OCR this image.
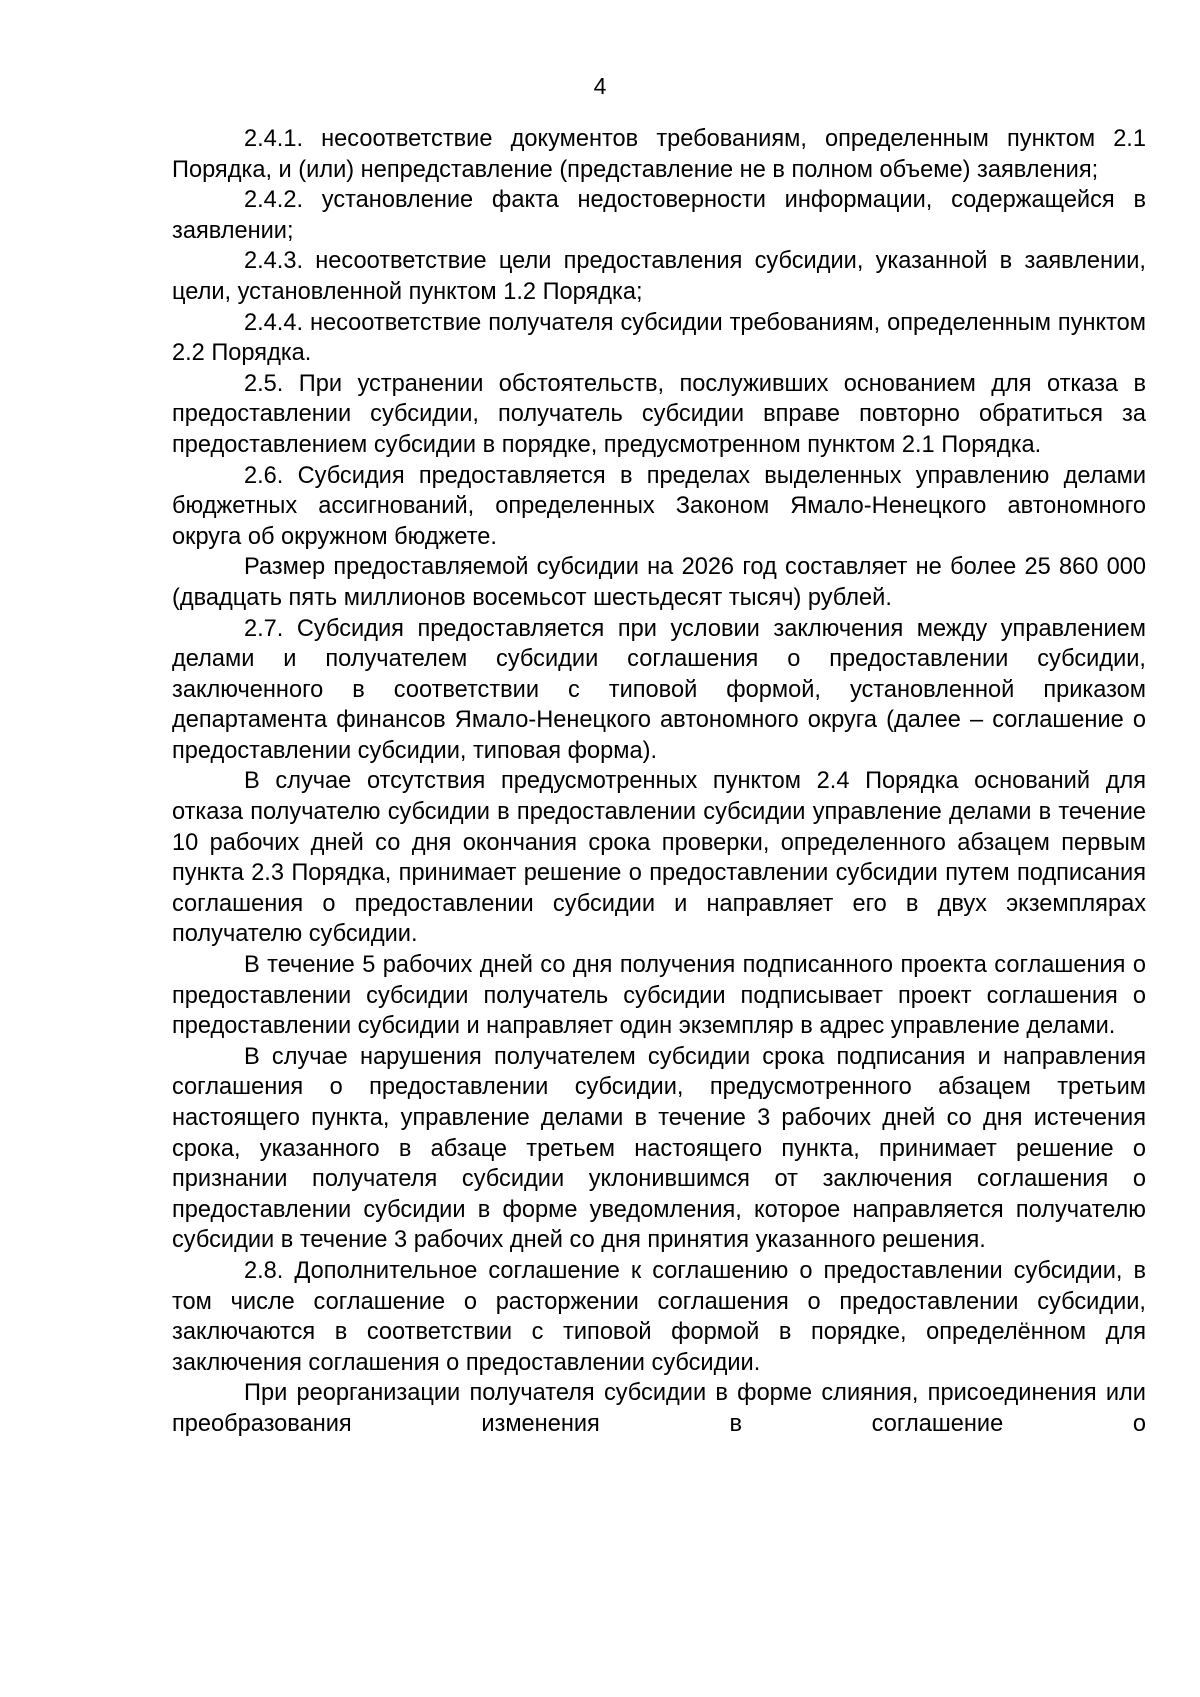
4

2.4.1. несоответствие документов требованиям, определенным пунктом 2.1 Порядка, и (или) непредставление (представление не в полном объеме) заявления;

2.4.2. установление факта недостоверности информации, содержащейся в заявлении;

2.4.3. несоответствие цели предоставления субсидии, указанной в заявлении, цели, установленной пунктом 1.2 Порядка;

2.4.4. несоответствие получателя субсидии требованиям, определенным пунктом 2.2 Порядка.

2.5. При устранении обстоятельств, послуживших основанием для отказа в предоставлении субсидии, получатель субсидии вправе повторно обратиться за предоставлением субсидии в порядке, предусмотренном пунктом 2.1 Порядка.

2.6. Субсидия предоставляется в пределах выделенных управлению делами бюджетных ассигнований, определенных Законом Ямало-Ненецкого автономного округа об окружном бюджете.

Размер предоставляемой субсидии на 2026 год составляет не более 25 860 000 (двадцать пять миллионов восемьсот шестьдесят тысяч) рублей.

2.7. Субсидия предоставляется при условии заключения между управлением делами и получателем субсидии соглашения о предоставлении субсидии, заключенного в соответствии с типовой формой, установленной приказом департамента финансов Ямало-Ненецкого автономного округа (далее – соглашение о предоставлении субсидии, типовая форма).

В случае отсутствия предусмотренных пунктом 2.4 Порядка оснований для отказа получателю субсидии в предоставлении субсидии управление делами в течение 10 рабочих дней со дня окончания срока проверки, определенного абзацем первым пункта 2.3 Порядка, принимает решение о предоставлении субсидии путем подписания соглашения о предоставлении субсидии и направляет его в двух экземплярах получателю субсидии.

В течение 5 рабочих дней со дня получения подписанного проекта соглашения о предоставлении субсидии получатель субсидии подписывает проект соглашения о предоставлении субсидии и направляет один экземпляр в адрес управление делами.

В случае нарушения получателем субсидии срока подписания и направления соглашения о предоставлении субсидии, предусмотренного абзацем третьим настоящего пункта, управление делами в течение 3 рабочих дней со дня истечения срока, указанного в абзаце третьем настоящего пункта, принимает решение о признании получателя субсидии уклонившимся от заключения соглашения о предоставлении субсидии в форме уведомления, которое направляется получателю субсидии в течение 3 рабочих дней со дня принятия указанного решения.

2.8. Дополнительное соглашение к соглашению о предоставлении субсидии, в том числе соглашение о расторжении соглашения о предоставлении субсидии, заключаются в соответствии с типовой формой в порядке, определённом для заключения соглашения о предоставлении субсидии.

При реорганизации получателя субсидии в форме слияния, присоединения или преобразования изменения в соглашение о
